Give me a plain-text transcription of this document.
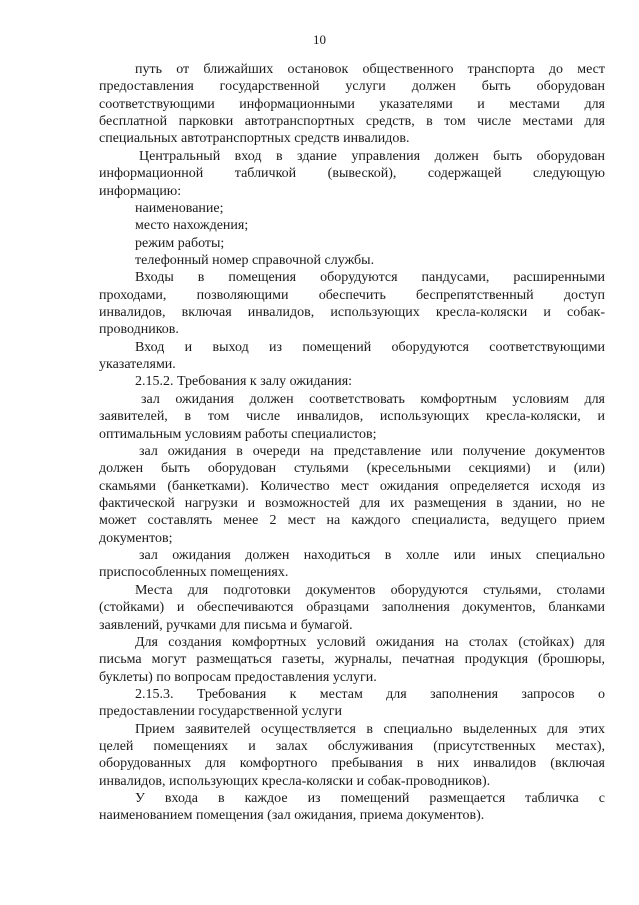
10
путь от ближайших остановок общественного транспорта до мест
предоставления государственной услуги должен быть оборудован
соответствующими информационными указателями и местами для
бесплатной парковки автотранспортных средств, в том числе местами для
специальных автотранспортных средств инвалидов.
Центральный вход в здание управления должен быть оборудован
информационной табличкой (вывеской), содержащей следующую
информацию:
наименование;
место нахождения;
режим работы;
телефонный номер справочной службы.
Входы в помещения оборудуются пандусами, расширенными
проходами, позволяющими обеспечить беспрепятственный доступ
инвалидов, включая инвалидов, использующих кресла-коляски и собак-
проводников.
Вход и выход из помещений оборудуются соответствующими
указателями.
2.15.2. Требования к залу ожидания:
зал ожидания должен соответствовать комфортным условиям для
заявителей, в том числе инвалидов, использующих кресла-коляски, и
оптимальным условиям работы специалистов;
зал ожидания в очереди на представление или получение документов
должен быть оборудован стульями (кресельными секциями) и (или)
скамьями (банкетками). Количество мест ожидания определяется исходя из
фактической нагрузки и возможностей для их размещения в здании, но не
может составлять менее 2 мест на каждого специалиста, ведущего прием
документов;
зал ожидания должен находиться в холле или иных специально
приспособленных помещениях.
Места для подготовки документов оборудуются стульями, столами
(стойками) и обеспечиваются образцами заполнения документов, бланками
заявлений, ручками для письма и бумагой.
Для создания комфортных условий ожидания на столах (стойках) для
письма могут размещаться газеты, журналы, печатная продукция (брошюры,
буклеты) по вопросам предоставления услуги.
2.15.3. Требования к местам для заполнения запросов о
предоставлении государственной услуги
Прием заявителей осуществляется в специально выделенных для этих
целей помещениях и залах обслуживания (присутственных местах),
оборудованных для комфортного пребывания в них инвалидов (включая
инвалидов, использующих кресла-коляски и собак-проводников).
У входа в каждое из помещений размещается табличка с
наименованием помещения (зал ожидания, приема документов).
